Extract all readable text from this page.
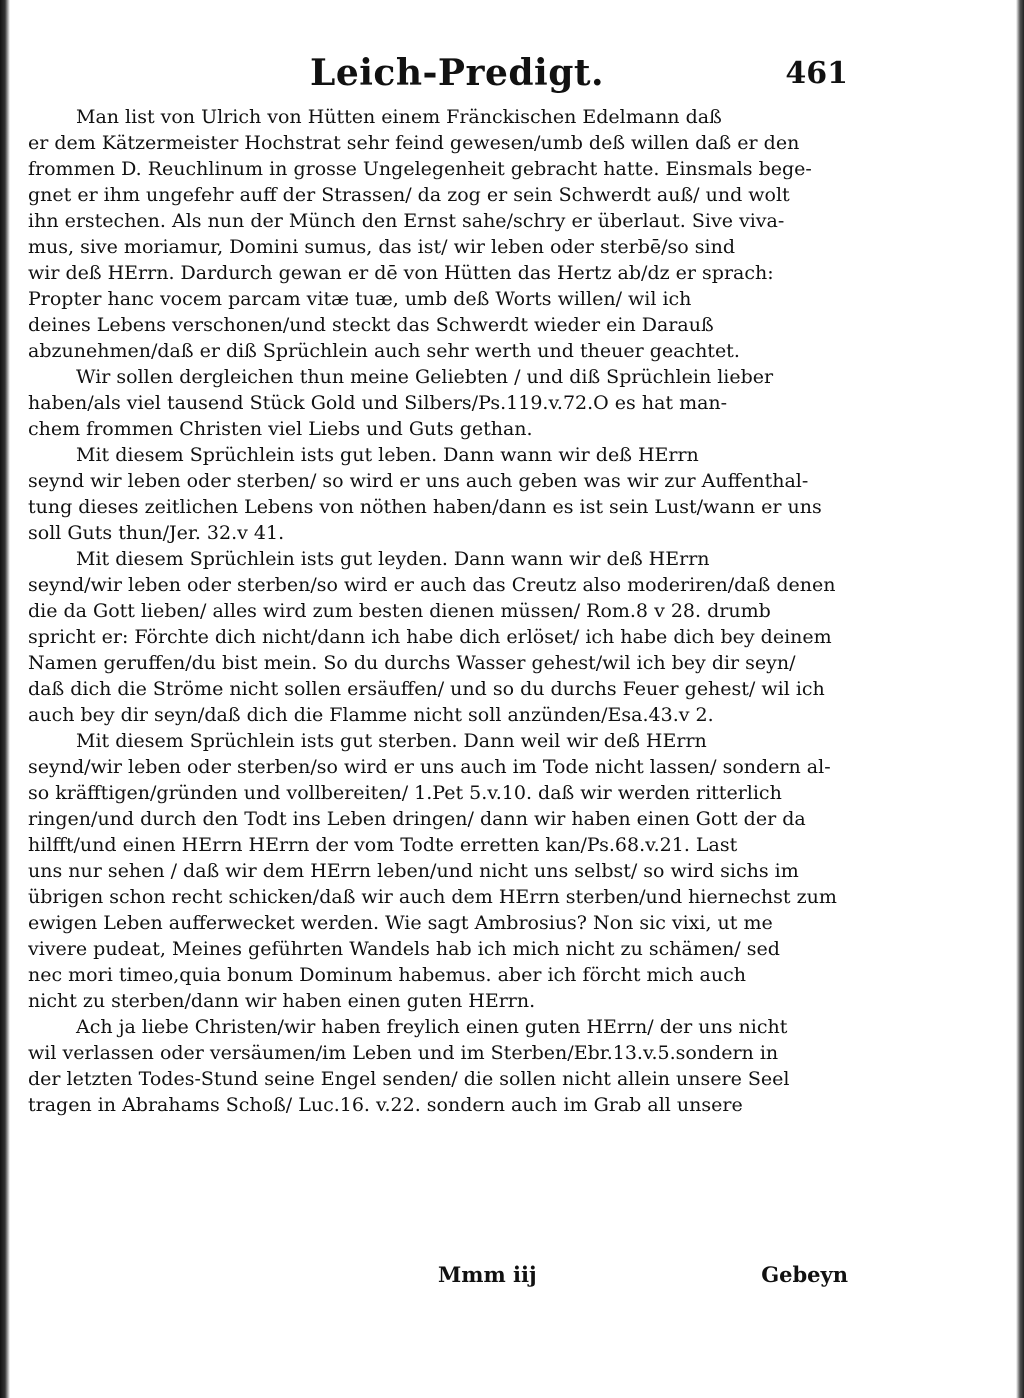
Leich-Predigt.	461
Man list von Ulrich von Hütten einem Fränckischen Edelmann daß
er dem Kätzermeister Hochstrat sehr feind gewesen/umb deß willen daß er den
frommen D. Reuchlinum in grosse Ungelegenheit gebracht hatte. Einsmals bege-
gnet er ihm ungefehr auff der Strassen/ da zog er sein Schwerdt auß/ und wolt
ihn erstechen. Als nun der Münch den Ernst sahe/schry er überlaut. Sive viva-
mus, sive moriamur, Domini sumus, das ist/ wir leben oder sterbē/so sind
wir deß HErrn. Dardurch gewan er dē von Hütten das Hertz ab/dz er sprach:
Propter hanc vocem parcam vitæ tuæ, umb deß Worts willen/ wil ich
deines Lebens verschonen/und steckt das Schwerdt wieder ein Darauß
abzunehmen/daß er diß Sprüchlein auch sehr werth und theuer geachtet.
Wir sollen dergleichen thun meine Geliebten / und diß Sprüchlein lieber
haben/als viel tausend Stück Gold und Silbers/Ps.119.v.72.O es hat man-
chem frommen Christen viel Liebs und Guts gethan.
Mit diesem Sprüchlein ists gut leben. Dann wann wir deß HErrn
seynd wir leben oder sterben/ so wird er uns auch geben was wir zur Auffenthal-
tung dieses zeitlichen Lebens von nöthen haben/dann es ist sein Lust/wann er uns
soll Guts thun/Jer. 32.v 41.
Mit diesem Sprüchlein ists gut leyden. Dann wann wir deß HErrn
seynd/wir leben oder sterben/so wird er auch das Creutz also moderiren/daß denen
die da Gott lieben/ alles wird zum besten dienen müssen/ Rom.8 v 28. drumb
spricht er: Förchte dich nicht/dann ich habe dich erlöset/ ich habe dich bey deinem
Namen geruffen/du bist mein. So du durchs Wasser gehest/wil ich bey dir seyn/
daß dich die Ströme nicht sollen ersäuffen/ und so du durchs Feuer gehest/ wil ich
auch bey dir seyn/daß dich die Flamme nicht soll anzünden/Esa.43.v 2.
Mit diesem Sprüchlein ists gut sterben. Dann weil wir deß HErrn
seynd/wir leben oder sterben/so wird er uns auch im Tode nicht lassen/ sondern al-
so kräfftigen/gründen und vollbereiten/ 1.Pet 5.v.10. daß wir werden ritterlich
ringen/und durch den Todt ins Leben dringen/ dann wir haben einen Gott der da
hilfft/und einen HErrn HErrn der vom Todte erretten kan/Ps.68.v.21. Last
uns nur sehen / daß wir dem HErrn leben/und nicht uns selbst/ so wird sichs im
übrigen schon recht schicken/daß wir auch dem HErrn sterben/und hiernechst zum
ewigen Leben aufferwecket werden. Wie sagt Ambrosius? Non sic vixi, ut me
vivere pudeat, Meines geführten Wandels hab ich mich nicht zu schämen/ sed
nec mori timeo,quia bonum Dominum habemus. aber ich förcht mich auch
nicht zu sterben/dann wir haben einen guten HErrn.
Ach ja liebe Christen/wir haben freylich einen guten HErrn/ der uns nicht
wil verlassen oder versäumen/im Leben und im Sterben/Ebr.13.v.5.sondern in
der letzten Todes-Stund seine Engel senden/ die sollen nicht allein unsere Seel
tragen in Abrahams Schoß/ Luc.16. v.22. sondern auch im Grab all unsere
Mmm iij	Gebeyn
